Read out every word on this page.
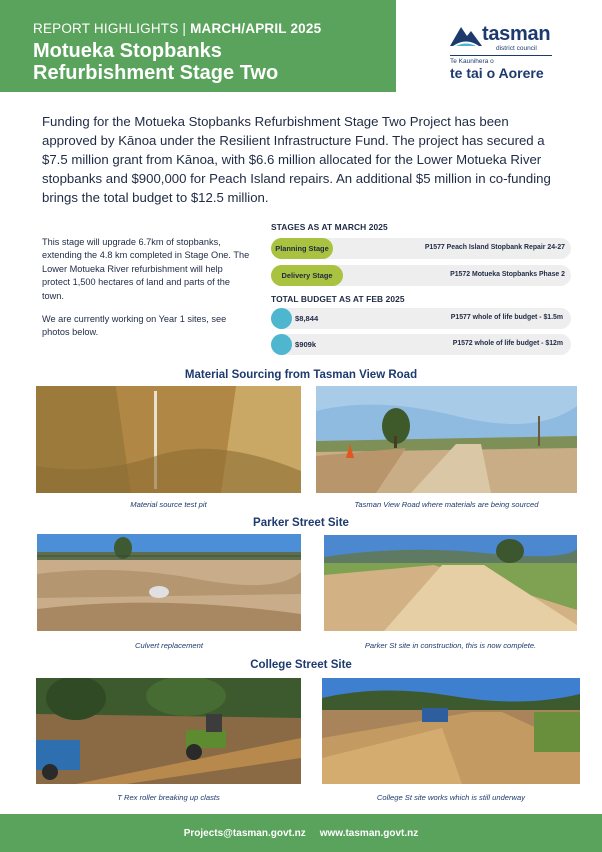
REPORT HIGHLIGHTS | MARCH/APRIL 2025
Motueka Stopbanks
Refurbishment Stage Two
tasman
district council
Te Kaunihera o
te tai o Aorere
Funding for the Motueka Stopbanks Refurbishment Stage Two Project has been approved by Kānoa under the Resilient Infrastructure Fund. The project has secured a $7.5 million grant from Kānoa, with $6.6 million allocated for the Lower Motueka River stopbanks and $900,000 for Peach Island repairs. An additional $5 million in co-funding brings the total budget to $12.5 million.

This stage will upgrade 6.7km of stopbanks, extending the 4.8 km completed in Stage One. The Lower Motueka River refurbishment will help protect 1,500 hectares of land and parts of the town.

We are currently working on Year 1 sites, see photos below.

STAGES AS AT MARCH 2025
Planning Stage	P1577 Peach Island Stopbank Repair 24-27
Delivery Stage	P1572 Motueka Stopbanks Phase 2
TOTAL BUDGET AS AT FEB 2025
$8,844	P1577 whole of life budget - $1.5m
$909k	P1572 whole of life budget - $12m
Material Sourcing from Tasman View Road
Material source test pit	Tasman View Road where materials are being sourced
Parker Street Site
Culvert replacement	Parker St site in construction, this is now complete.
College Street Site
T Rex roller breaking up clasts	College St site works which is still underway
Projects@tasman.govt.nz www.tasman.govt.nz
